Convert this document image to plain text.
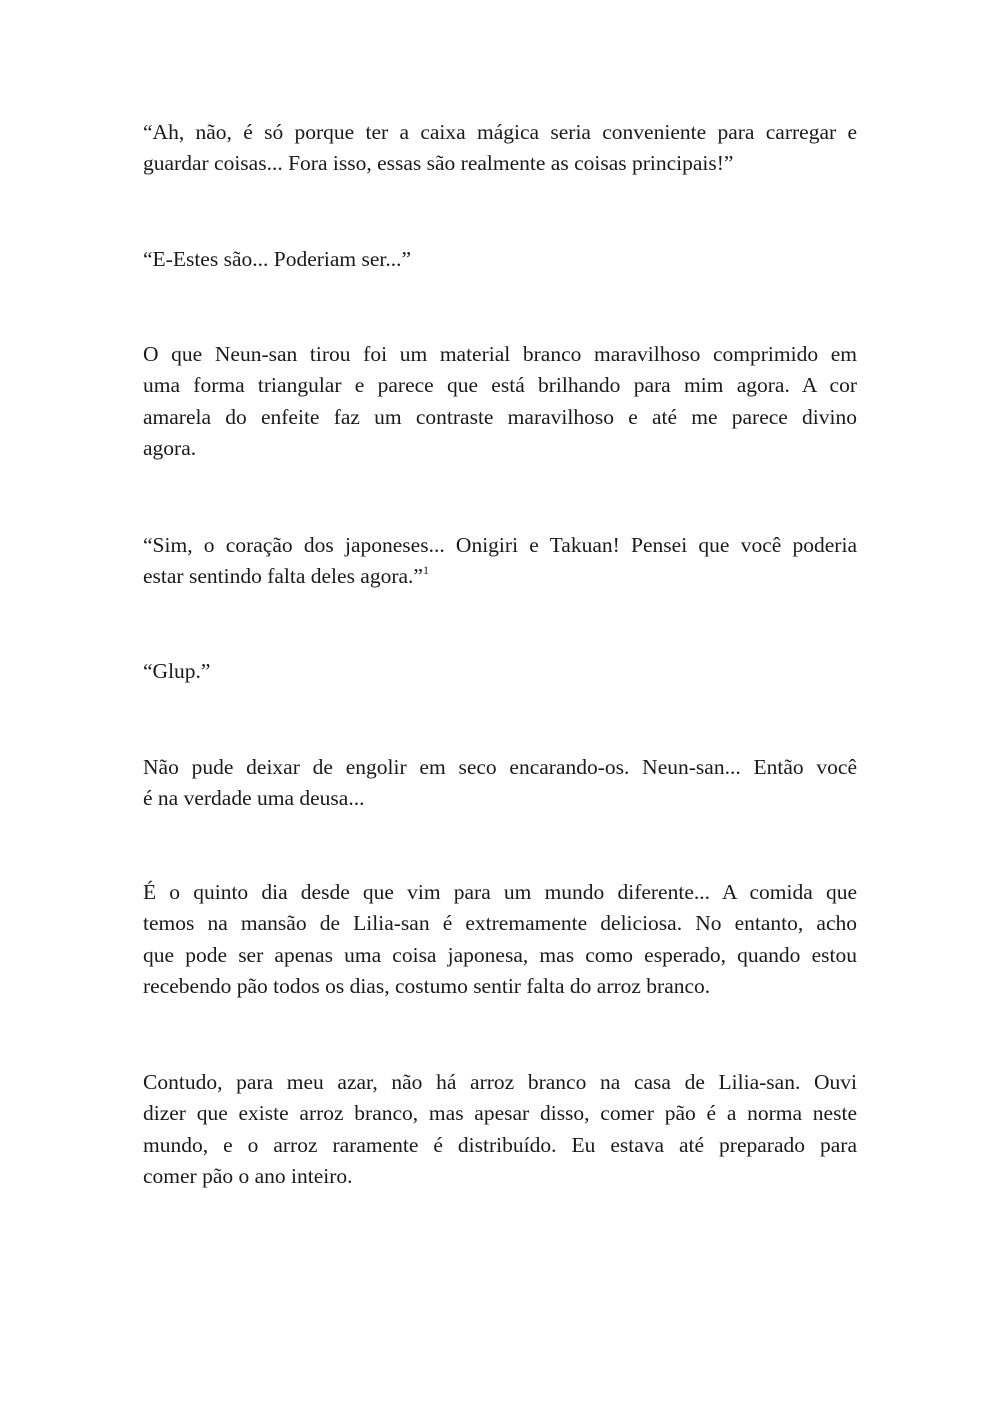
“Ah, não, é só porque ter a caixa mágica seria conveniente para carregar e
guardar coisas... Fora isso, essas são realmente as coisas principais!”

“E-Estes são... Poderiam ser...”

O que Neun-san tirou foi um material branco maravilhoso comprimido em
uma forma triangular e parece que está brilhando para mim agora. A cor
amarela do enfeite faz um contraste maravilhoso e até me parece divino
agora.

“Sim, o coração dos japoneses... Onigiri e Takuan! Pensei que você poderia
estar sentindo falta deles agora.”$^1$

“Glup.”

Não pude deixar de engolir em seco encarando-os. Neun-san... Então você
é na verdade uma deusa...

É o quinto dia desde que vim para um mundo diferente... A comida que
temos na mansão de Lilia-san é extremamente deliciosa. No entanto, acho
que pode ser apenas uma coisa japonesa, mas como esperado, quando estou
recebendo pão todos os dias, costumo sentir falta do arroz branco.

Contudo, para meu azar, não há arroz branco na casa de Lilia-san. Ouvi
dizer que existe arroz branco, mas apesar disso, comer pão é a norma neste
mundo, e o arroz raramente é distribuído. Eu estava até preparado para
comer pão o ano inteiro.
